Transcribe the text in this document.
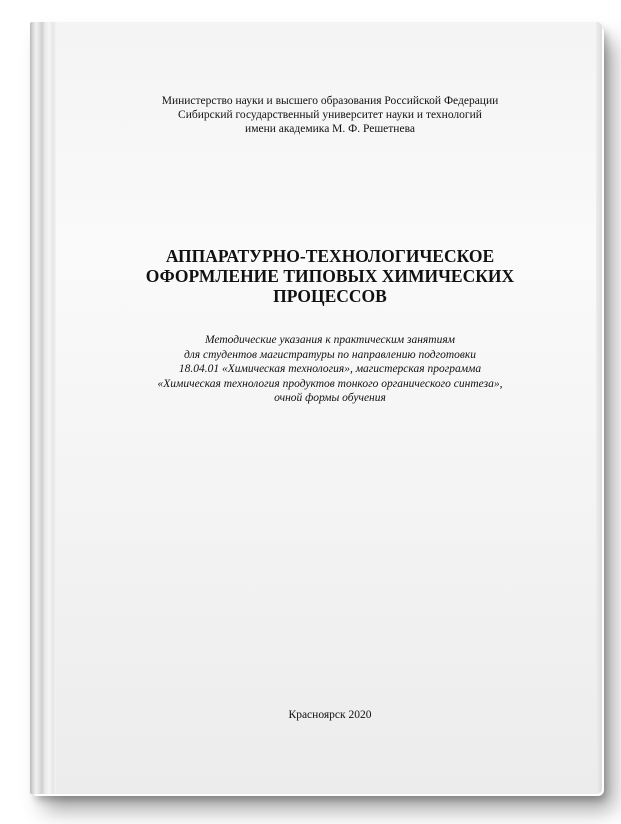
Министерство науки и высшего образования Российской Федерации
Сибирский государственный университет науки и технологий
имени академика М. Ф. Решетнева
АППАРАТУРНО-ТЕХНОЛОГИЧЕСКОЕ
ОФОРМЛЕНИЕ ТИПОВЫХ ХИМИЧЕСКИХ
ПРОЦЕССОВ
Методические указания к практическим занятиям
для студентов магистратуры по направлению подготовки
18.04.01 «Химическая технология», магистерская программа
«Химическая технология продуктов тонкого органического синтеза»,
очной формы обучения
Красноярск 2020
